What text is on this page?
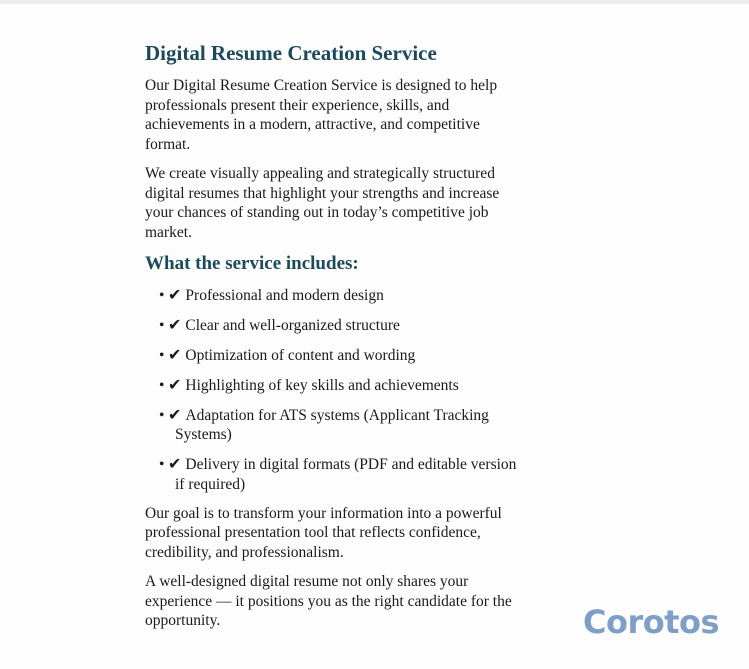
Digital Resume Creation Service

Our Digital Resume Creation Service is designed to help professionals present their experience, skills, and achievements in a modern, attractive, and competitive format.

We create visually appealing and strategically structured digital resumes that highlight your strengths and increase your chances of standing out in today’s competitive job market.

What the service includes:
• ✔ Professional and modern design
• ✔ Clear and well-organized structure
• ✔ Optimization of content and wording
• ✔ Highlighting of key skills and achievements
• ✔ Adaptation for ATS systems (Applicant Tracking Systems)
• ✔ Delivery in digital formats (PDF and editable version if required)

Our goal is to transform your information into a powerful professional presentation tool that reflects confidence, credibility, and professionalism.

A well-designed digital resume not only shares your experience — it positions you as the right candidate for the opportunity.	Corotos
